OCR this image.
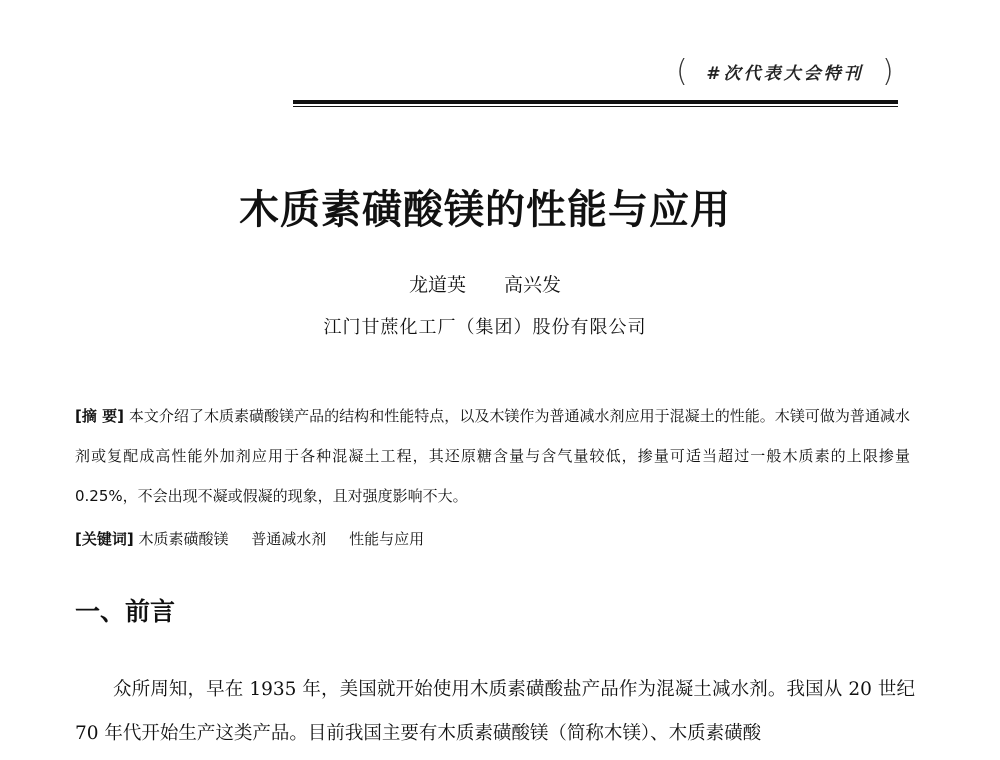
(	#次代表大会特刊 )
木质素磺酸镁的性能与应用
龙道英 高兴发
江门甘蔗化工厂（集团）股份有限公司
[摘 要] 本文介绍了木质素磺酸镁产品的结构和性能特点，以及木镁作为普通减水剂应用于混凝土的性能。木镁可做为普通减水剂或复配成高性能外加剂应用于各种混凝土工程，其还原糖含量与含气量较低，掺量可适当超过一般木质素的上限掺量 0.25%，不会出现不凝或假凝的现象，且对强度影响不大。
[关键词] 木质素磺酸镁 普通减水剂 性能与应用
一、前言

众所周知，早在 1935 年，美国就开始使用木质素磺酸盐产品作为混凝土减水剂。我国从 20 世纪 70 年代开始生产这类产品。目前我国主要有木质素磺酸镁（简称木镁）、木质素磺酸
